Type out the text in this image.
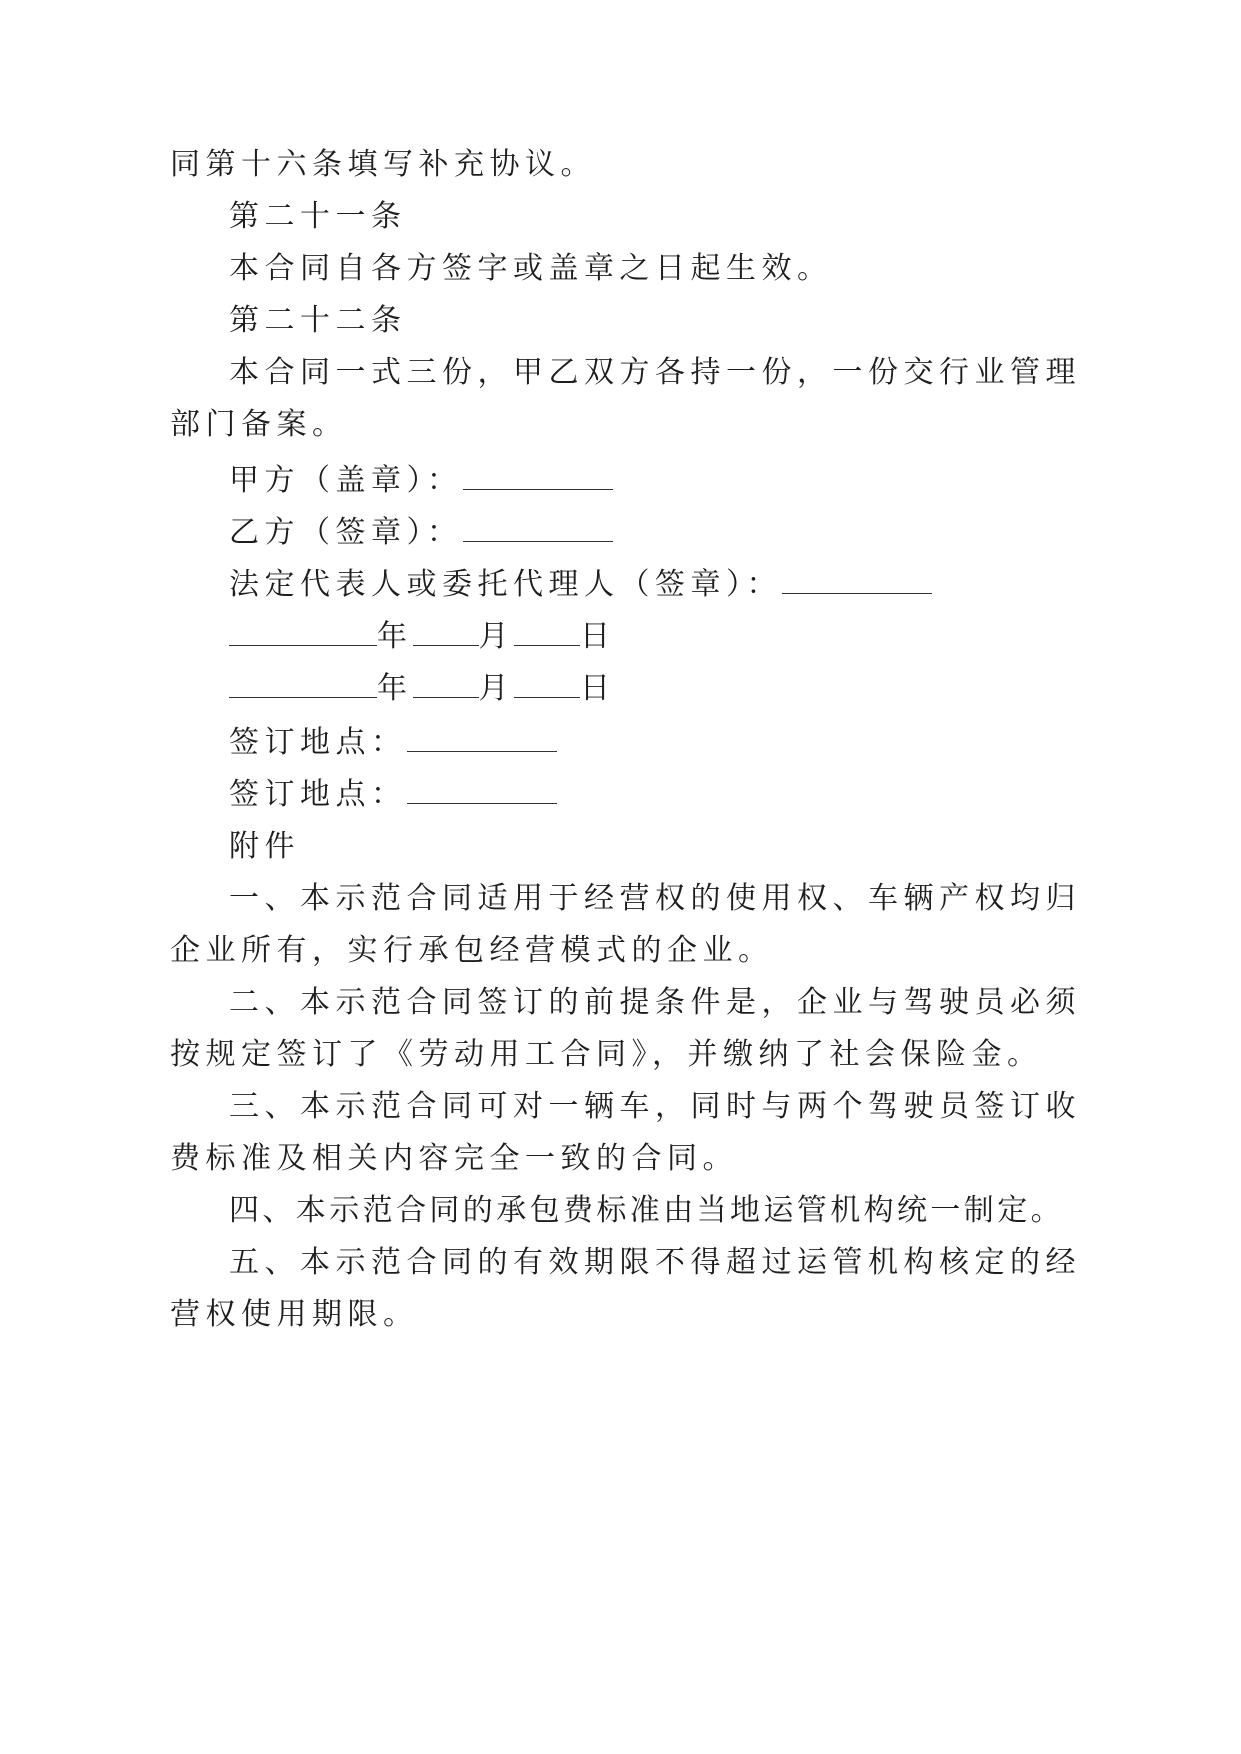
同第十六条填写补充协议。
第二十一条
本合同自各方签字或盖章之日起生效。
第二十二条
本合同一式三份，甲乙双方各持一份，一份交行业管理
部门备案。
甲方（盖章）：
乙方（签章）：
法定代表人或委托代理人（签章）：
年 月 日
年 月 日
签订地点：
签订地点：
附件
一、本示范合同适用于经营权的使用权、车辆产权均归
企业所有，实行承包经营模式的企业。
二、本示范合同签订的前提条件是，企业与驾驶员必须
按规定签订了《劳动用工合同》，并缴纳了社会保险金。
三、本示范合同可对一辆车，同时与两个驾驶员签订收
费标准及相关内容完全一致的合同。
四、本示范合同的承包费标准由当地运管机构统一制定。
五、本示范合同的有效期限不得超过运管机构核定的经
营权使用期限。
